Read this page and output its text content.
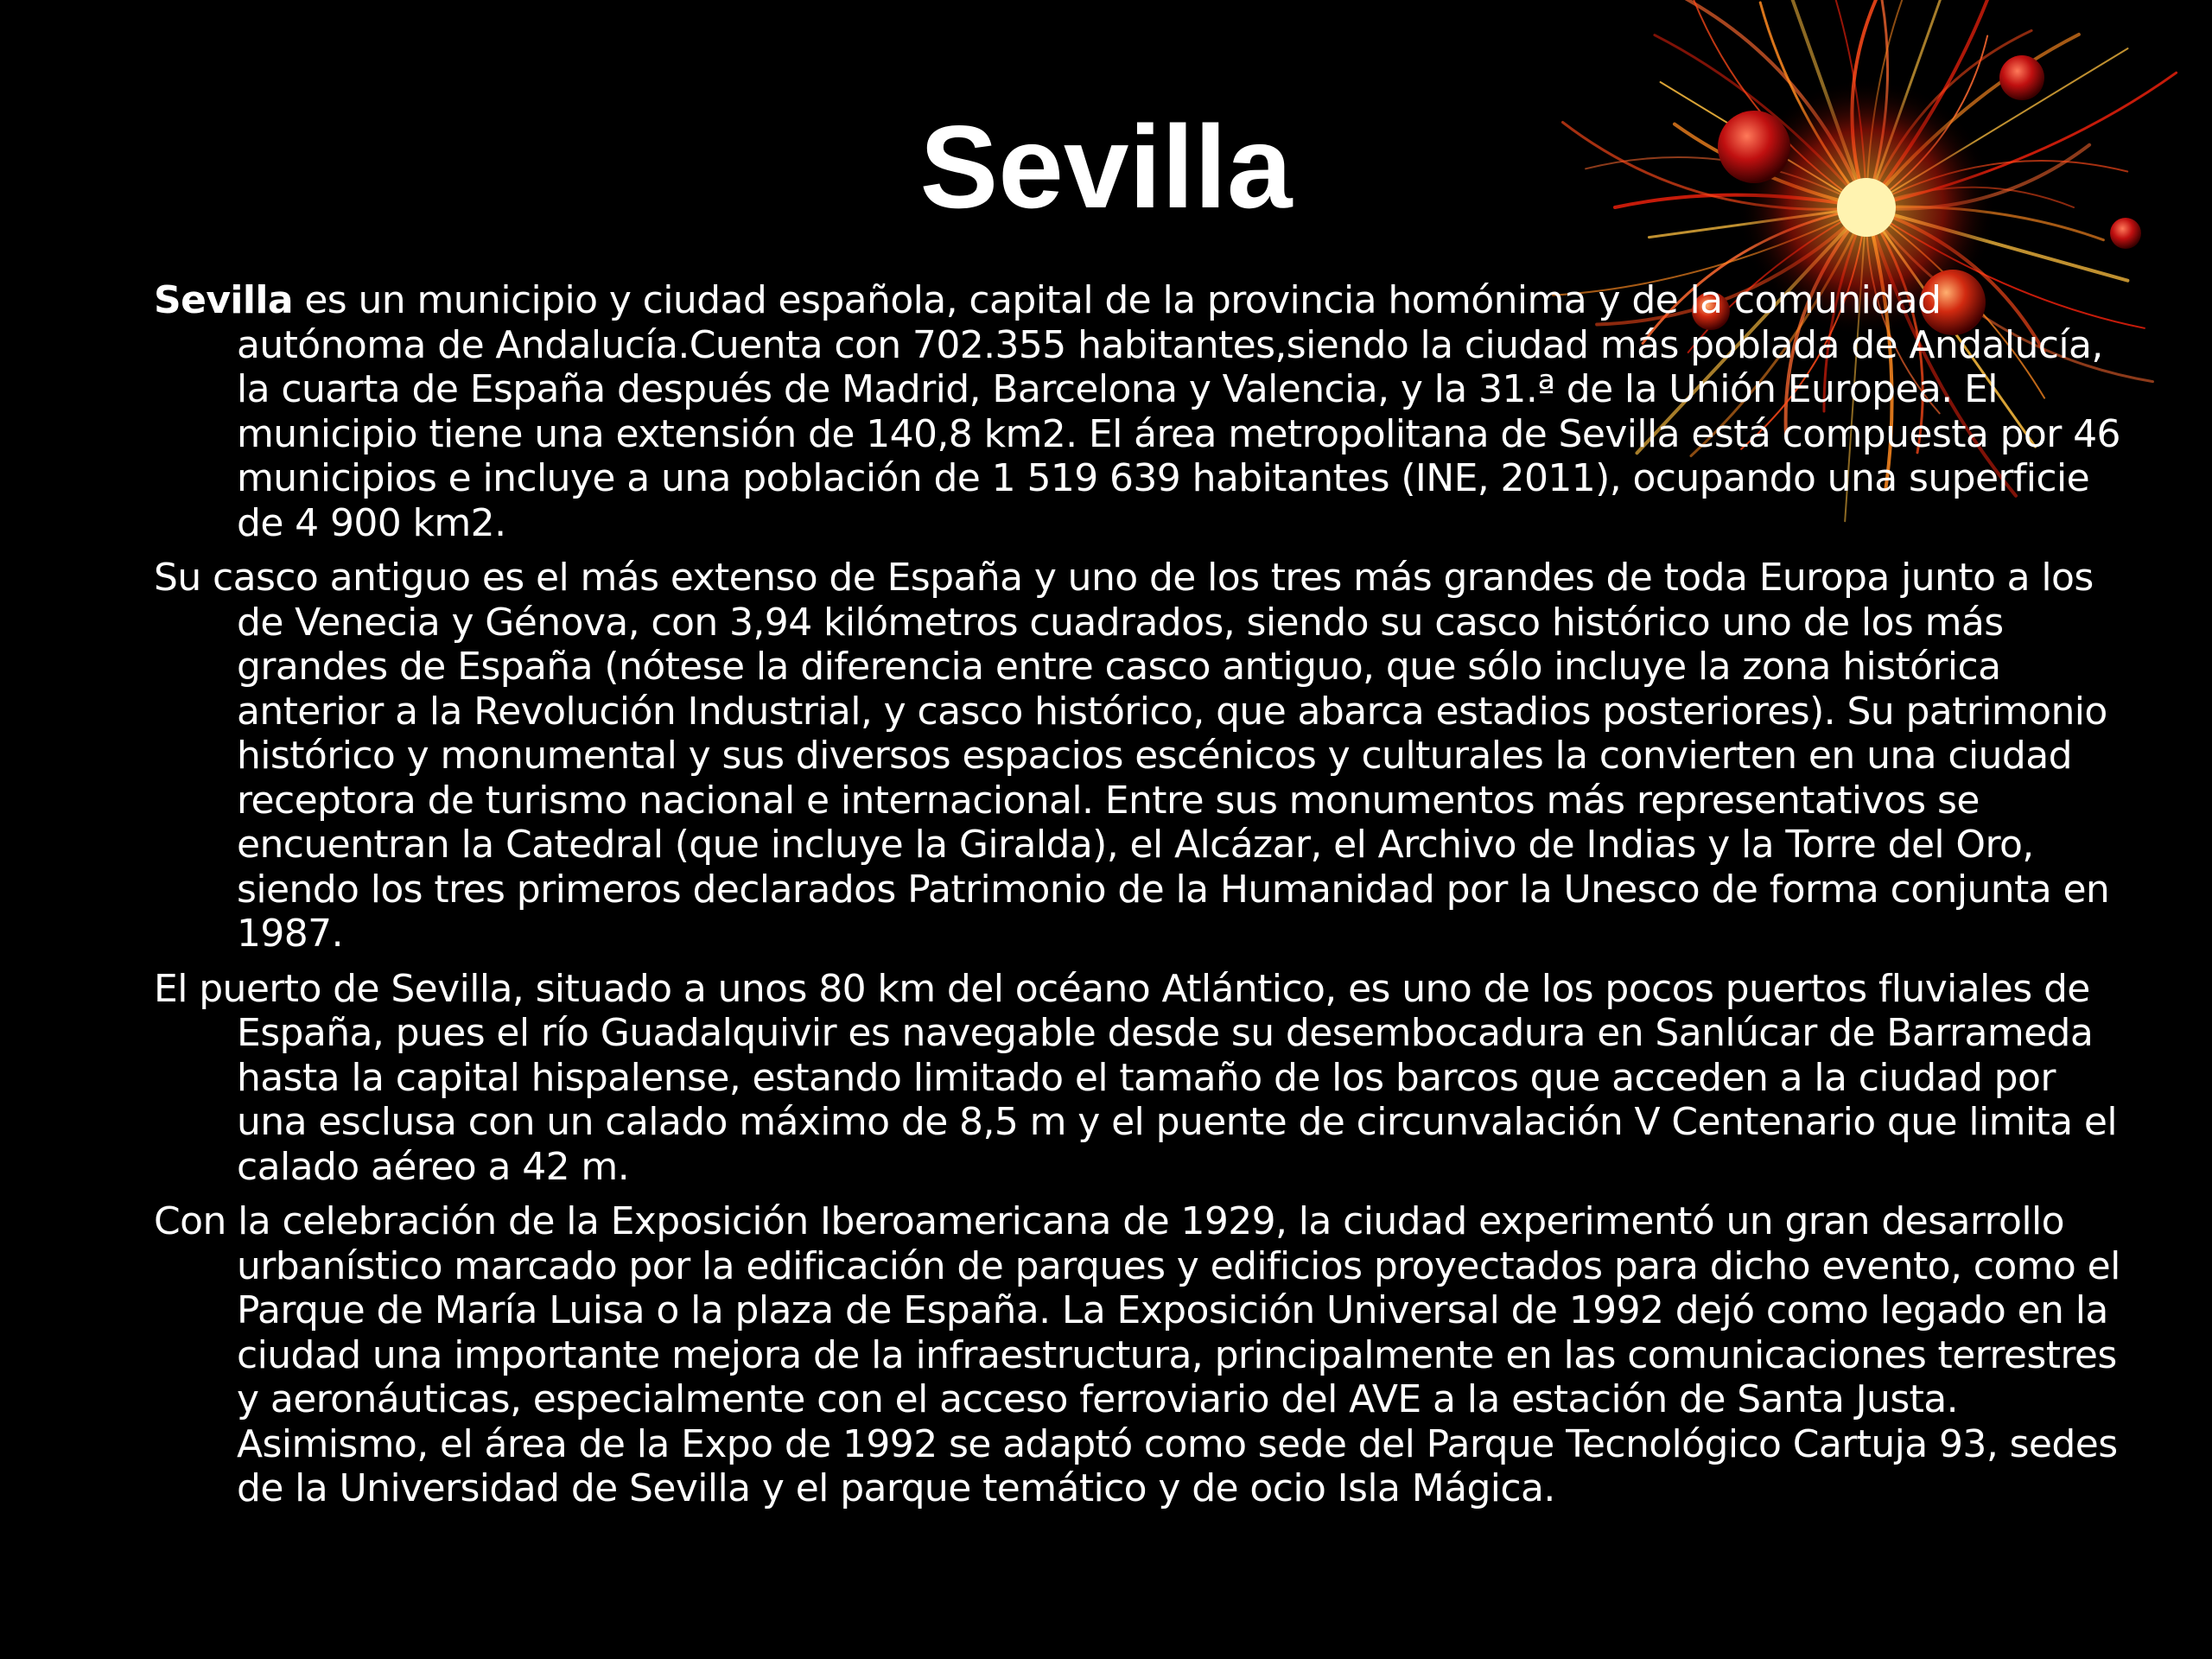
Sevilla
Sevilla es un municipio y ciudad española, capital de la provincia homónima y de la comunidad autónoma de Andalucía.Cuenta con 702.355 habitantes,siendo la ciudad más poblada de Andalucía, la cuarta de España después de Madrid, Barcelona y Valencia, y la 31.ª de la Unión Europea. El municipio tiene una extensión de 140,8 km2. El área metropolitana de Sevilla está compuesta por 46 municipios e incluye a una población de 1 519 639 habitantes (INE, 2011), ocupando una superficie de 4 900 km2.
Su casco antiguo es el más extenso de España y uno de los tres más grandes de toda Europa junto a los de Venecia y Génova, con 3,94 kilómetros cuadrados, siendo su casco histórico uno de los más grandes de España (nótese la diferencia entre casco antiguo, que sólo incluye la zona histórica anterior a la Revolución Industrial, y casco histórico, que abarca estadios posteriores). Su patrimonio histórico y monumental y sus diversos espacios escénicos y culturales la convierten en una ciudad receptora de turismo nacional e internacional. Entre sus monumentos más representativos se encuentran la Catedral (que incluye la Giralda), el Alcázar, el Archivo de Indias y la Torre del Oro, siendo los tres primeros declarados Patrimonio de la Humanidad por la Unesco de forma conjunta en 1987.
El puerto de Sevilla, situado a unos 80 km del océano Atlántico, es uno de los pocos puertos fluviales de España, pues el río Guadalquivir es navegable desde su desembocadura en Sanlúcar de Barrameda hasta la capital hispalense, estando limitado el tamaño de los barcos que acceden a la ciudad por una esclusa con un calado máximo de 8,5 m y el puente de circunvalación V Centenario que limita el calado aéreo a 42 m.
Con la celebración de la Exposición Iberoamericana de 1929, la ciudad experimentó un gran desarrollo urbanístico marcado por la edificación de parques y edificios proyectados para dicho evento, como el Parque de María Luisa o la plaza de España. La Exposición Universal de 1992 dejó como legado en la ciudad una importante mejora de la infraestructura, principalmente en las comunicaciones terrestres y aeronáuticas, especialmente con el acceso ferroviario del AVE a la estación de Santa Justa. Asimismo, el área de la Expo de 1992 se adaptó como sede del Parque Tecnológico Cartuja 93, sedes de la Universidad de Sevilla y el parque temático y de ocio Isla Mágica.
